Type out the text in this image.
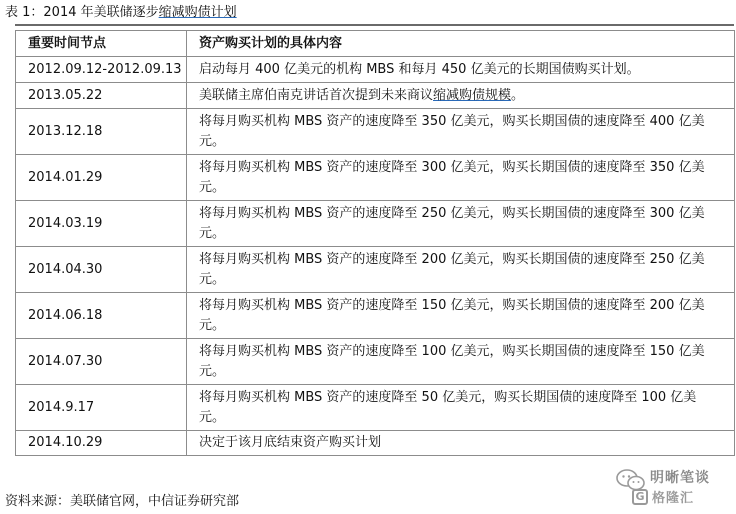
表 1：2014 年美联储逐步缩减购债计划
重要时间节点	资产购买计划的具体内容
2012.09.12-2012.09.13	启动每月 400 亿美元的机构 MBS 和每月 450 亿美元的长期国债购买计划。
2013.05.22	美联储主席伯南克讲话首次提到未来商议缩减购债规模。
2013.12.18	将每月购买机构 MBS 资产的速度降至 350 亿美元，购买长期国债的速度降至 400 亿美元。
2014.01.29	将每月购买机构 MBS 资产的速度降至 300 亿美元，购买长期国债的速度降至 350 亿美元。
2014.03.19	将每月购买机构 MBS 资产的速度降至 250 亿美元，购买长期国债的速度降至 300 亿美元。
2014.04.30	将每月购买机构 MBS 资产的速度降至 200 亿美元，购买长期国债的速度降至 250 亿美元。
2014.06.18	将每月购买机构 MBS 资产的速度降至 150 亿美元，购买长期国债的速度降至 200 亿美元。
2014.07.30	将每月购买机构 MBS 资产的速度降至 100 亿美元，购买长期国债的速度降至 150 亿美元。
2014.9.17	将每月购买机构 MBS 资产的速度降至 50 亿美元，购买长期国债的速度降至 100 亿美元。
2014.10.29	决定于该月底结束资产购买计划
资料来源：美联储官网，中信证券研究部
明晰笔谈
G 格隆汇
